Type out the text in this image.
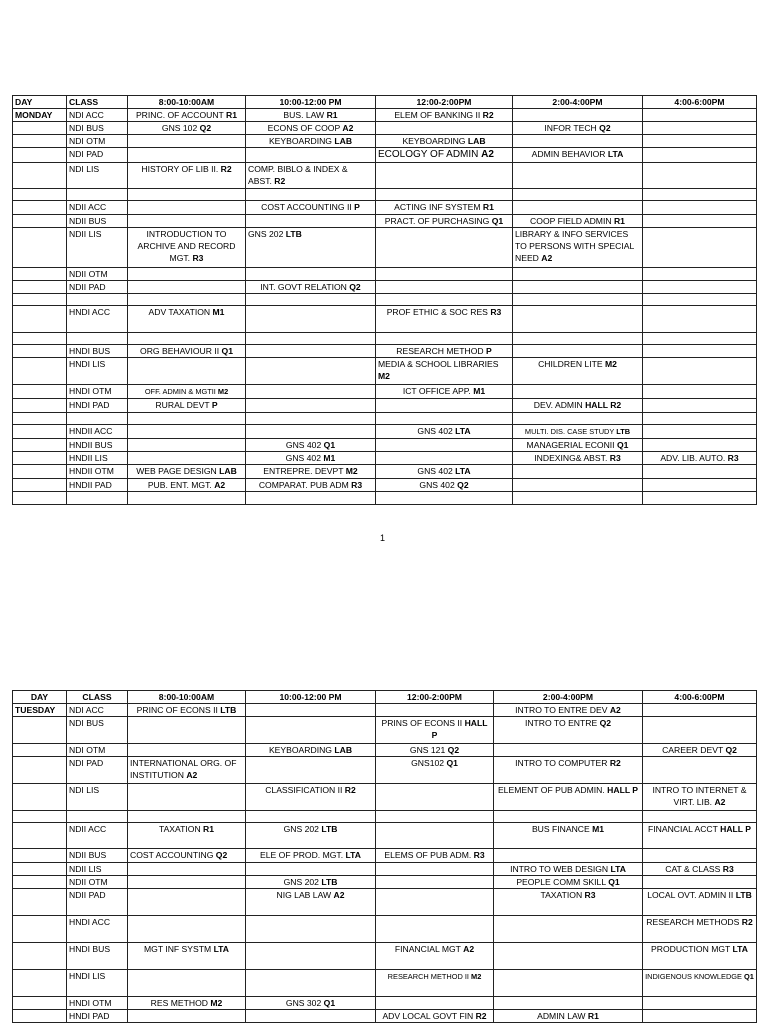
DAY	CLASS	8:00-10:00AM	10:00-12:00 PM	12:00-2:00PM	2:00-4:00PM	4:00-6:00PM
MONDAY	NDI ACC	PRINC. OF ACCOUNT R1	BUS. LAW R1	ELEM OF BANKING II R2		
	NDI BUS	GNS 102 Q2	ECONS OF COOP A2		INFOR TECH Q2	
	NDI OTM		KEYBOARDING LAB	KEYBOARDING LAB		
	NDI PAD			ECOLOGY OF ADMIN A2	ADMIN BEHAVIOR LTA	
	NDI LIS	HISTORY OF LIB II. R2	COMP. BIBLO & INDEX & ABST. R2			

	NDII ACC		COST ACCOUNTING II P	ACTING INF SYSTEM R1		
	NDII BUS			PRACT. OF PURCHASING Q1	COOP FIELD ADMIN R1	
	NDII LIS	INTRODUCTION TO ARCHIVE AND RECORD MGT. R3	GNS 202 LTB		LIBRARY & INFO SERVICES TO PERSONS WITH SPECIAL NEED A2	
	NDII OTM					
	NDII PAD		INT. GOVT RELATION Q2			

	HNDI ACC	ADV TAXATION M1		PROF ETHIC & SOC RES R3		

	HNDI BUS	ORG BEHAVIOUR II Q1		RESEARCH METHOD P		
	HNDI LIS			MEDIA & SCHOOL LIBRARIES M2	CHILDREN LITE M2	
	HNDI OTM	OFF. ADMIN & MGTII M2		ICT OFFICE APP. M1		
	HNDI PAD	RURAL DEVT P			DEV. ADMIN HALL R2	

	HNDII ACC			GNS 402 LTA	MULTI. DIS. CASE STUDY LTB	
	HNDII BUS		GNS 402 Q1		MANAGERIAL ECONII Q1	
	HNDII LIS		GNS 402 M1		INDEXING& ABST. R3	ADV. LIB. AUTO. R3
	HNDII OTM	WEB PAGE DESIGN LAB	ENTREPRE. DEVPT M2	GNS 402 LTA		
	HNDII PAD	PUB. ENT. MGT. A2	COMPARAT. PUB ADM R3	GNS 402 Q2		

1
DAY	CLASS	8:00-10:00AM	10:00-12:00 PM	12:00-2:00PM	2:00-4:00PM	4:00-6:00PM
TUESDAY	NDI ACC	PRINC OF ECONS II LTB			INTRO TO ENTRE DEV A2	
	NDI BUS			PRINS OF ECONS II HALL P	INTRO TO ENTRE Q2	
	NDI OTM		KEYBOARDING LAB	GNS 121 Q2		CAREER DEVT Q2
	NDI PAD	INTERNATIONAL ORG. OF INSTITUTION A2		GNS102 Q1	INTRO TO COMPUTER R2	
	NDI LIS		CLASSIFICATION II R2		ELEMENT OF PUB ADMIN. HALL P	INTRO TO INTERNET & VIRT. LIB. A2

	NDII ACC	TAXATION R1	GNS 202 LTB		BUS FINANCE M1	FINANCIAL ACCT HALL P
	NDII BUS	COST ACCOUNTING Q2	ELE OF PROD. MGT. LTA	ELEMS OF PUB ADM. R3		
	NDII LIS				INTRO TO WEB DESIGN LTA	CAT & CLASS R3
	NDII OTM		GNS 202 LTB		PEOPLE COMM SKILL Q1	
	NDII PAD		NIG LAB LAW A2		TAXATION R3	LOCAL OVT. ADMIN II LTB
	HNDI ACC					RESEARCH METHODS R2
	HNDI BUS	MGT INF SYSTM LTA		FINANCIAL MGT A2		PRODUCTION MGT LTA
	HNDI LIS			RESEARCH METHOD II M2		INDIGENOUS KNOWLEDGE Q1
	HNDI OTM	RES METHOD M2	GNS 302 Q1			
	HNDI PAD			ADV LOCAL GOVT FIN R2	ADMIN LAW R1	
